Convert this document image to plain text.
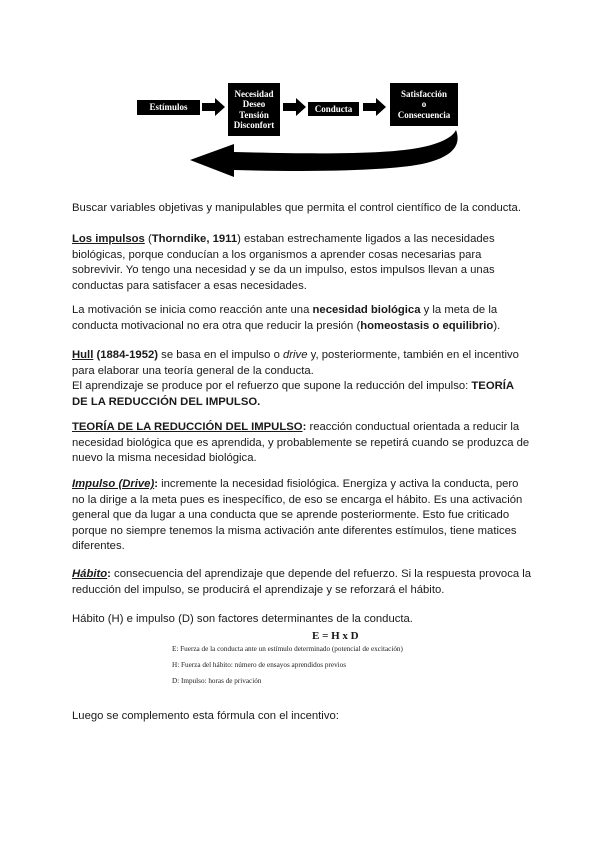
Estímulos
Necesidad
Deseo
Tensión
Disconfort
Conducta
Satisfacción
o
Consecuencia

Buscar variables objetivas y manipulables que permita el control científico de la conducta.

Los impulsos (Thorndike, 1911) estaban estrechamente ligados a las necesidades biológicas, porque conducían a los organismos a aprender cosas necesarias para sobrevivir. Yo tengo una necesidad y se da un impulso, estos impulsos llevan a unas conductas para satisfacer a esas necesidades.

La motivación se inicia como reacción ante una necesidad biológica y la meta de la conducta motivacional no era otra que reducir la presión (homeostasis o equilibrio).

Hull (1884-1952) se basa en el impulso o drive y, posteriormente, también en el incentivo para elaborar una teoría general de la conducta.
El aprendizaje se produce por el refuerzo que supone la reducción del impulso: TEORÍA DE LA REDUCCIÓN DEL IMPULSO.

TEORÍA DE LA REDUCCIÓN DEL IMPULSO: reacción conductual orientada a reducir la necesidad biológica que es aprendida, y probablemente se repetirá cuando se produzca de nuevo la misma necesidad biológica.

Impulso (Drive): incremente la necesidad fisiológica. Energiza y activa la conducta, pero no la dirige a la meta pues es inespecífico, de eso se encarga el hábito. Es una activación general que da lugar a una conducta que se aprende posteriormente. Esto fue criticado porque no siempre tenemos la misma activación ante diferentes estímulos, tiene matices diferentes.

Hábito: consecuencia del aprendizaje que depende del refuerzo. Si la respuesta provoca la reducción del impulso, se producirá el aprendizaje y se reforzará el hábito.

Hábito (H) e impulso (D) son factores determinantes de la conducta.

E = H x D
E: Fuerza de la conducta ante un estímulo determinado (potencial de excitación)
H: Fuerza del hábito: número de ensayos aprendidos previos
D: Impulso: horas de privación

Luego se complemento esta fórmula con el incentivo:
